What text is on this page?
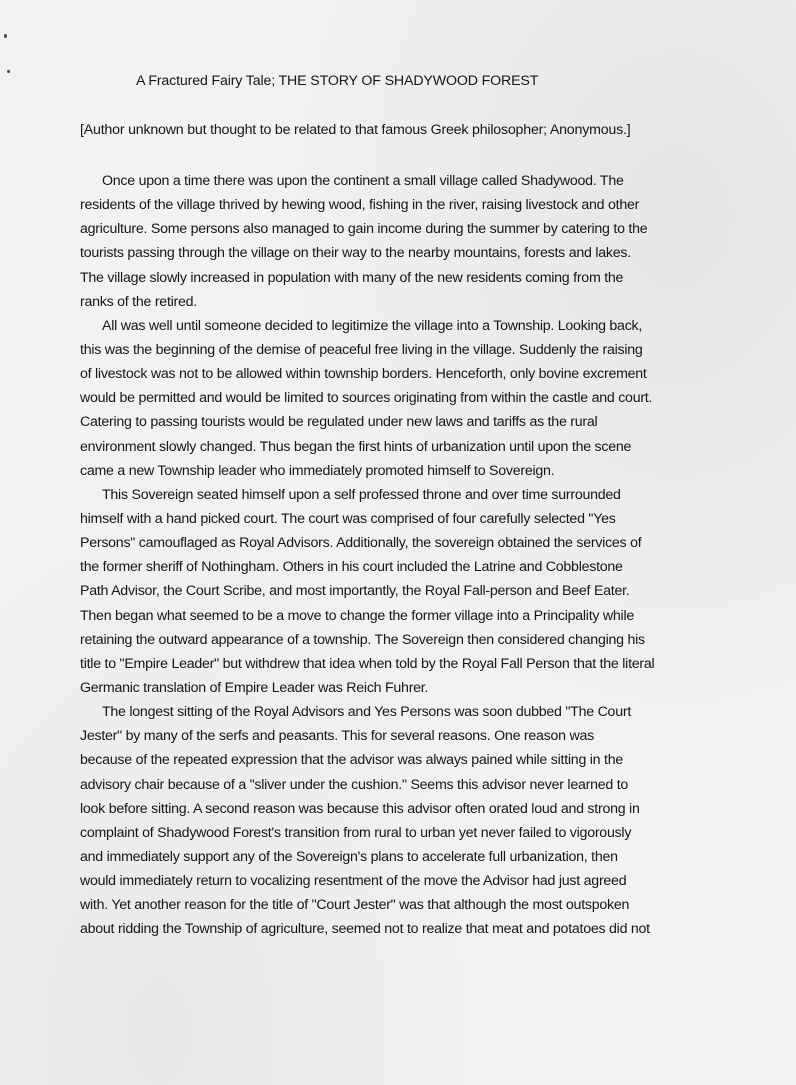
A Fractured Fairy Tale; THE STORY OF SHADYWOOD FOREST

[Author unknown but thought to be related to that famous Greek philosopher; Anonymous.]

Once upon a time there was upon the continent a small village called Shadywood. The
residents of the village thrived by hewing wood, fishing in the river, raising livestock and other
agriculture. Some persons also managed to gain income during the summer by catering to the
tourists passing through the village on their way to the nearby mountains, forests and lakes.
The village slowly increased in population with many of the new residents coming from the
ranks of the retired.
All was well until someone decided to legitimize the village into a Township. Looking back,
this was the beginning of the demise of peaceful free living in the village. Suddenly the raising
of livestock was not to be allowed within township borders. Henceforth, only bovine excrement
would be permitted and would be limited to sources originating from within the castle and court.
Catering to passing tourists would be regulated under new laws and tariffs as the rural
environment slowly changed. Thus began the first hints of urbanization until upon the scene
came a new Township leader who immediately promoted himself to Sovereign.
This Sovereign seated himself upon a self professed throne and over time surrounded
himself with a hand picked court. The court was comprised of four carefully selected "Yes
Persons" camouflaged as Royal Advisors. Additionally, the sovereign obtained the services of
the former sheriff of Nothingham. Others in his court included the Latrine and Cobblestone
Path Advisor, the Court Scribe, and most importantly, the Royal Fall-person and Beef Eater.
Then began what seemed to be a move to change the former village into a Principality while
retaining the outward appearance of a township. The Sovereign then considered changing his
title to "Empire Leader" but withdrew that idea when told by the Royal Fall Person that the literal
Germanic translation of Empire Leader was Reich Fuhrer.
The longest sitting of the Royal Advisors and Yes Persons was soon dubbed "The Court
Jester" by many of the serfs and peasants. This for several reasons. One reason was
because of the repeated expression that the advisor was always pained while sitting in the
advisory chair because of a "sliver under the cushion." Seems this advisor never learned to
look before sitting. A second reason was because this advisor often orated loud and strong in
complaint of Shadywood Forest's transition from rural to urban yet never failed to vigorously
and immediately support any of the Sovereign's plans to accelerate full urbanization, then
would immediately return to vocalizing resentment of the move the Advisor had just agreed
with. Yet another reason for the title of "Court Jester" was that although the most outspoken
about ridding the Township of agriculture, seemed not to realize that meat and potatoes did not
